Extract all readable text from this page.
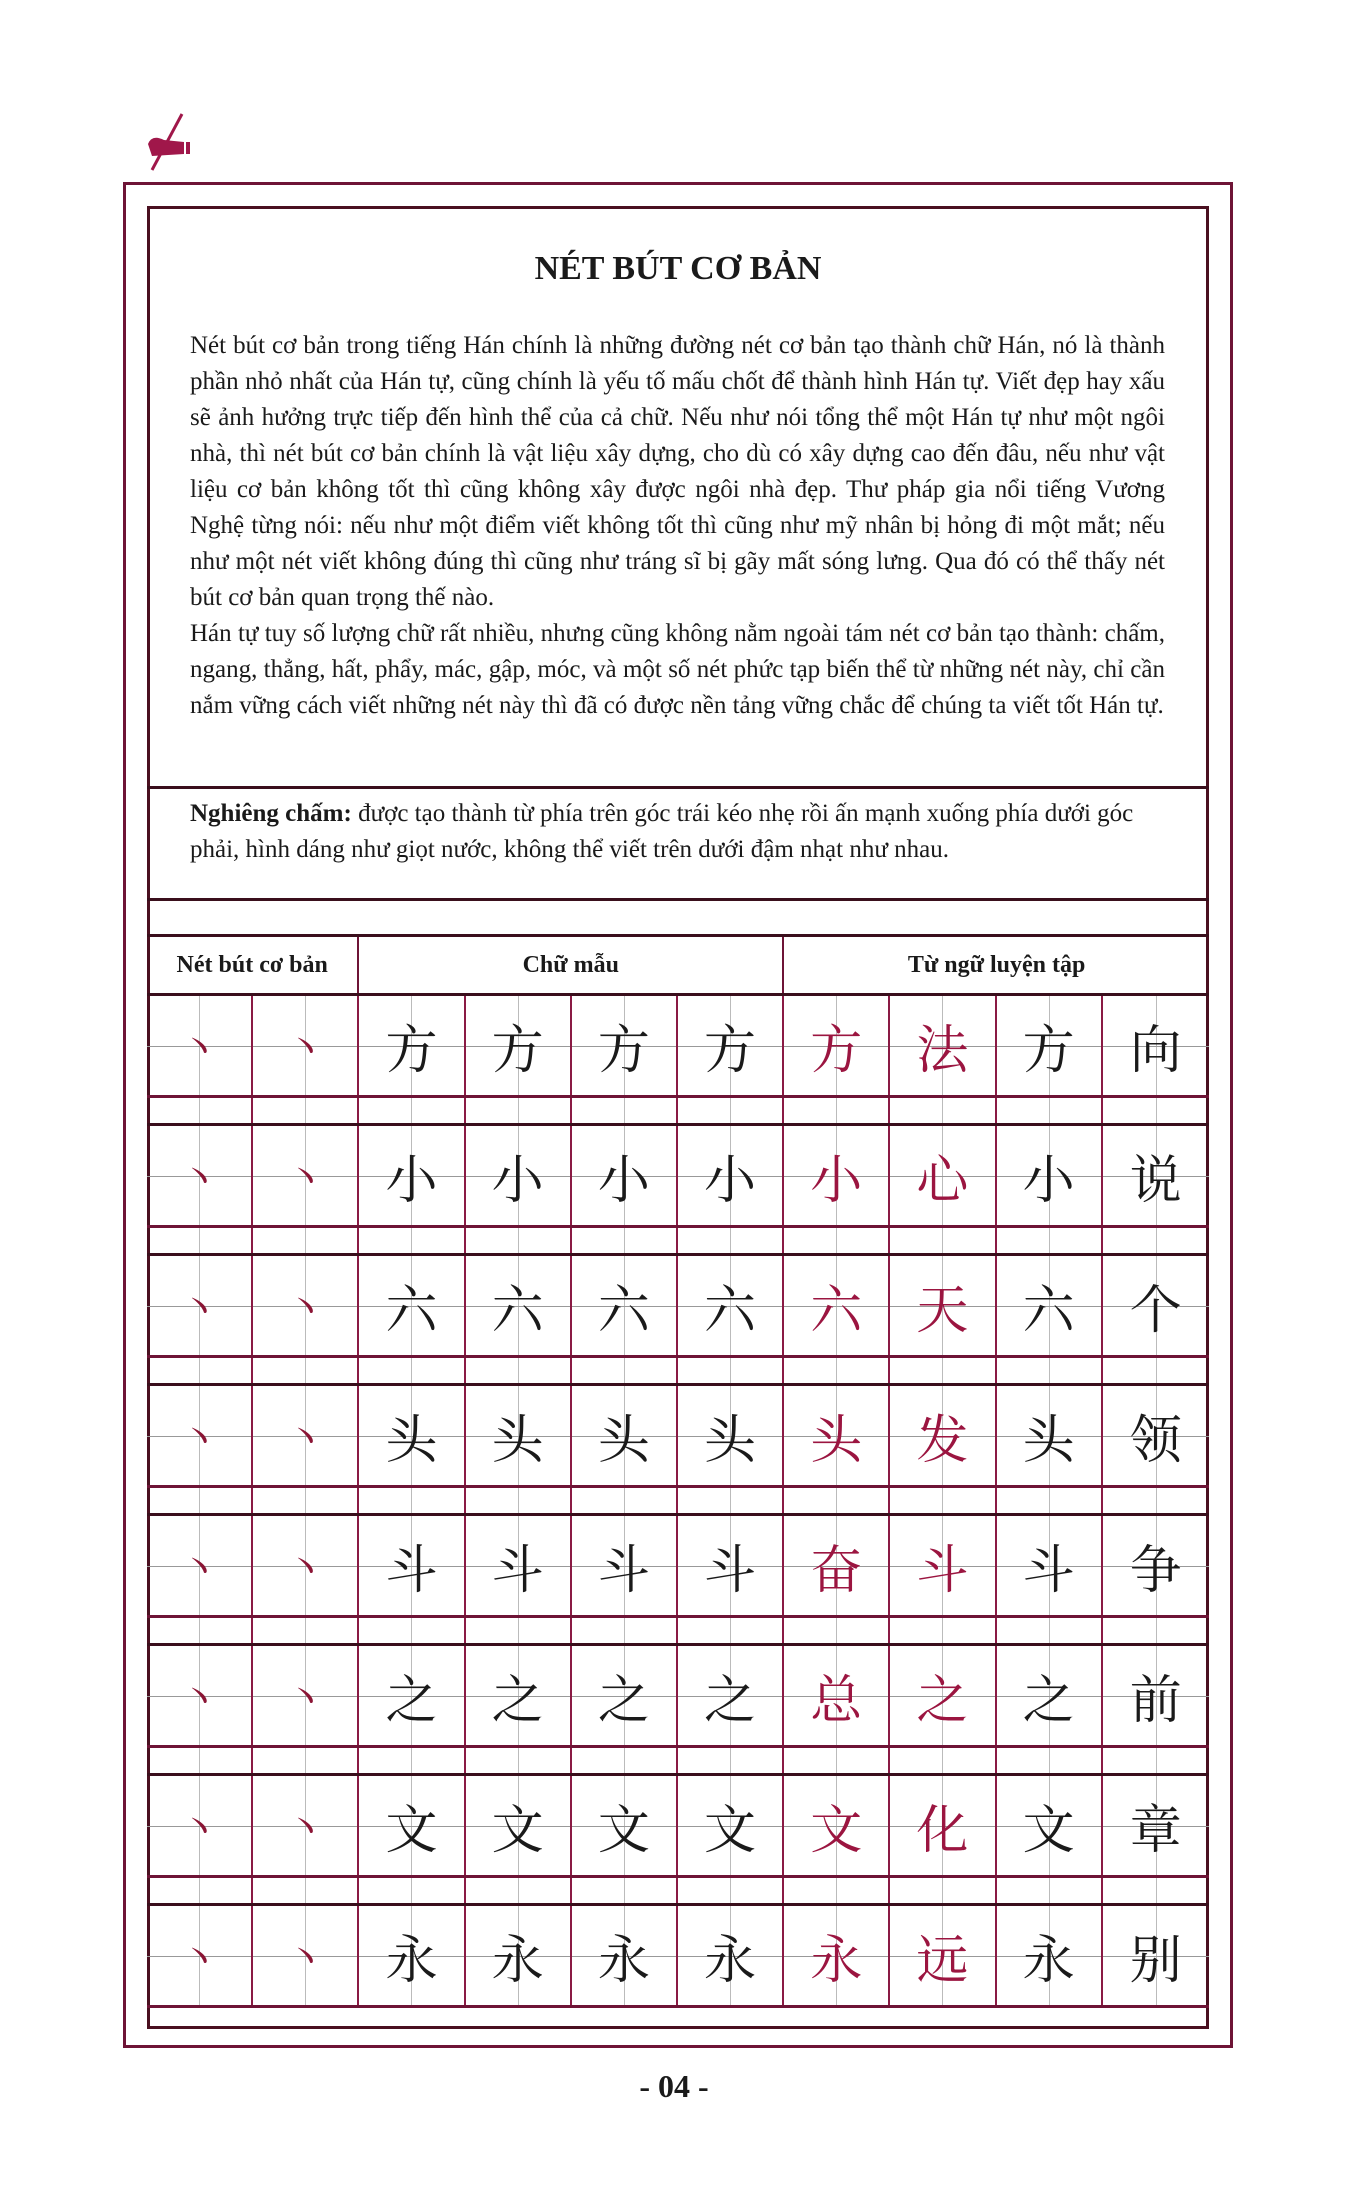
NÉT BÚT CƠ BẢN

Nét bút cơ bản trong tiếng Hán chính là những đường nét cơ bản tạo thành chữ Hán, nó là thành phần nhỏ nhất của Hán tự, cũng chính là yếu tố mấu chốt để thành hình Hán tự. Viết đẹp hay xấu sẽ ảnh hưởng trực tiếp đến hình thể của cả chữ. Nếu như nói tổng thể một Hán tự như một ngôi nhà, thì nét bút cơ bản chính là vật liệu xây dựng, cho dù có xây dựng cao đến đâu, nếu như vật liệu cơ bản không tốt thì cũng không xây được ngôi nhà đẹp. Thư pháp gia nổi tiếng Vương Nghệ từng nói: nếu như một điểm viết không tốt thì cũng như mỹ nhân bị hỏng đi một mắt; nếu như một nét viết không đúng thì cũng như tráng sĩ bị gãy mất sóng lưng. Qua đó có thể thấy nét bút cơ bản quan trọng thế nào.

Hán tự tuy số lượng chữ rất nhiều, nhưng cũng không nằm ngoài tám nét cơ bản tạo thành: chấm, ngang, thẳng, hất, phẩy, mác, gập, móc, và một số nét phức tạp biến thể từ những nét này, chỉ cần nắm vững cách viết những nét này thì đã có được nền tảng vững chắc để chúng ta viết tốt Hán tự.

Nghiêng chấm: được tạo thành từ phía trên góc trái kéo nhẹ rồi ấn mạnh xuống phía dưới góc phải, hình dáng như giọt nước, không thể viết trên dưới đậm nhạt như nhau.
Nét bút cơ bản	Chữ mẫu	Từ ngữ luyện tập
丶 丶 方 方 方 方 方 法 方 向
丶 丶 小 小 小 小 小 心 小 说
丶 丶 六 六 六 六 六 天 六 个
丶 丶 头 头 头 头 头 发 头 领
丶 丶 斗 斗 斗 斗 奋 斗 斗 争
丶 丶 之 之 之 之 总 之 之 前
丶 丶 文 文 文 文 文 化 文 章
丶 丶 永 永 永 永 永 远 永 别
- 04 -
